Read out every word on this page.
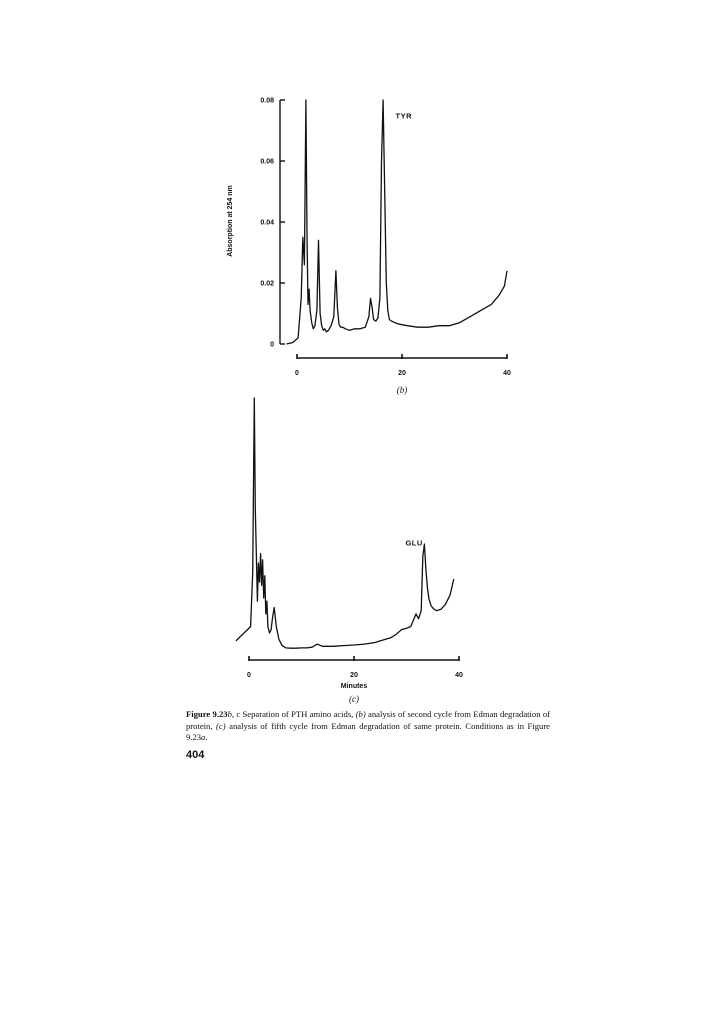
0
0.02
0.04
0.06
0.08
Absorption at 254 nm
0	20	40
TYR
(b)
0	20	40
Minutes
GLU
(c)
Figure 9.23b, c Separation of PTH amino acids, (b) analysis of second cycle from Edman degradation of protein, (c) analysis of fifth cycle from Edman degradation of same protein. Conditions as in Figure 9.23a.
404
